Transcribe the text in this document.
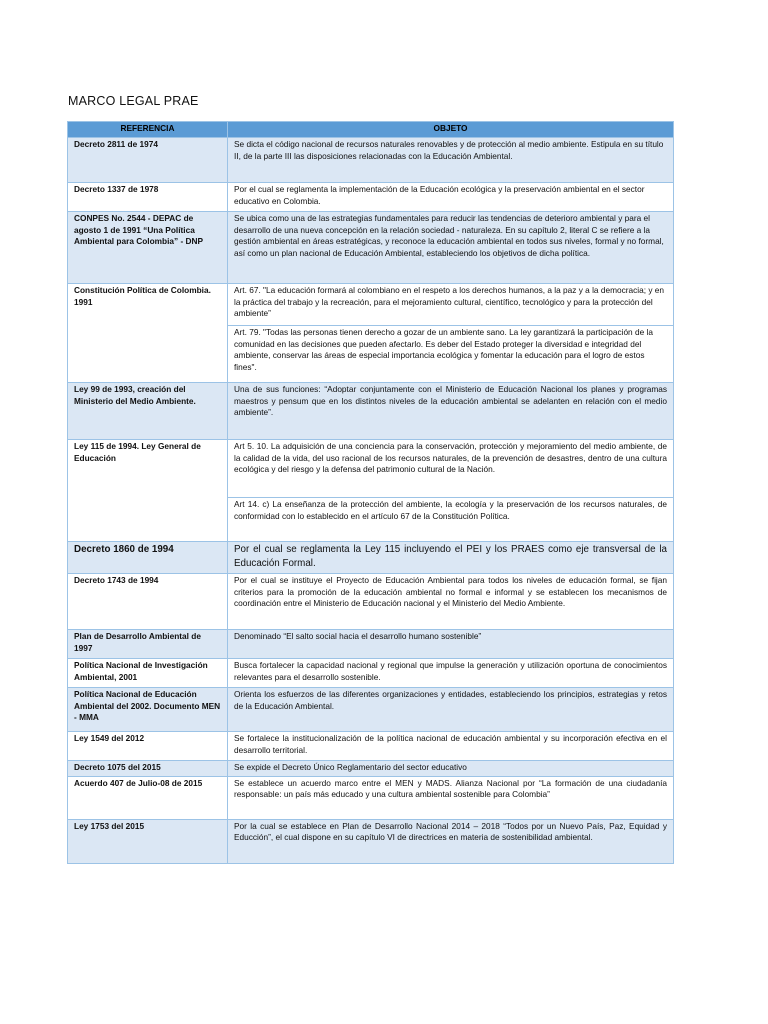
MARCO LEGAL PRAE
REFERENCIA	OBJETO
Decreto 2811 de 1974	Se dicta el código nacional de recursos naturales renovables y de protección al medio ambiente. Estipula en su título II, de la parte III las disposiciones relacionadas con la Educación Ambiental.
Decreto 1337 de 1978	Por el cual se reglamenta la implementación de la Educación ecológica y la preservación ambiental en el sector educativo en Colombia.
CONPES No. 2544 - DEPAC de agosto 1 de 1991 “Una Política Ambiental para Colombia” - DNP	Se ubica como una de las estrategias fundamentales para reducir las tendencias de deterioro ambiental y para el desarrollo de una nueva concepción en la relación sociedad - naturaleza. En su capítulo 2, literal C se refiere a la gestión ambiental en áreas estratégicas, y reconoce la educación ambiental en todos sus niveles, formal y no formal, así como un plan nacional de Educación Ambiental, estableciendo los objetivos de dicha política.
Constitución Política de Colombia. 1991	Art. 67. "La educación formará al colombiano en el respeto a los derechos humanos, a la paz y a la democracia; y en la práctica del trabajo y la recreación, para el mejoramiento cultural, científico, tecnológico y para la protección del ambiente”
	Art. 79. "Todas las personas tienen derecho a gozar de un ambiente sano. La ley garantizará la participación de la comunidad en las decisiones que pueden afectarlo. Es deber del Estado proteger la diversidad e integridad del ambiente, conservar las áreas de especial importancia ecológica y fomentar la educación para el logro de estos fines".
Ley 99 de 1993, creación del Ministerio del Medio Ambiente.	Una de sus funciones: “Adoptar conjuntamente con el Ministerio de Educación Nacional los planes y programas maestros y pensum que en los distintos niveles de la educación ambiental se adelanten en relación con el medio ambiente”.
Ley 115 de 1994. Ley General de Educación	Art 5. 10. La adquisición de una conciencia para la conservación, protección y mejoramiento del medio ambiente, de la calidad de la vida, del uso racional de los recursos naturales, de la prevención de desastres, dentro de una cultura ecológica y del riesgo y la defensa del patrimonio cultural de la Nación.
	Art 14. c) La enseñanza de la protección del ambiente, la ecología y la preservación de los recursos naturales, de conformidad con lo establecido en el artículo 67 de la Constitución Política.
Decreto 1860 de 1994	Por el cual se reglamenta la Ley 115 incluyendo el PEI y los PRAES como eje transversal de la Educación Formal.
Decreto 1743 de 1994	Por el cual se instituye el Proyecto de Educación Ambiental para todos los niveles de educación formal, se fijan criterios para la promoción de la educación ambiental no formal e informal y se establecen los mecanismos de coordinación entre el Ministerio de Educación nacional y el Ministerio del Medio Ambiente.
Plan de Desarrollo Ambiental de 1997	Denominado “El salto social hacia el desarrollo humano sostenible”
Política Nacional de Investigación Ambiental, 2001	Busca fortalecer la capacidad nacional y regional que impulse la generación y utilización oportuna de conocimientos relevantes para el desarrollo sostenible.
Política Nacional de Educación Ambiental del 2002. Documento MEN - MMA	Orienta los esfuerzos de las diferentes organizaciones y entidades, estableciendo los principios, estrategias y retos de la Educación Ambiental.
Ley 1549 del 2012	Se fortalece la institucionalización de la política nacional de educación ambiental y su incorporación efectiva en el desarrollo territorial.
Decreto 1075 del 2015	Se expide el Decreto Único Reglamentario del sector educativo
Acuerdo 407 de Julio-08 de 2015	Se establece un acuerdo marco entre el MEN y MADS. Alianza Nacional por “La formación de una ciudadanía responsable: un país más educado y una cultura ambiental sostenible para Colombia”
Ley 1753 del 2015	Por la cual se establece en Plan de Desarrollo Nacional 2014 – 2018 “Todos por un Nuevo País, Paz, Equidad y Educción”, el cual dispone en su capítulo VI de directrices en materia de sostenibilidad ambiental.
